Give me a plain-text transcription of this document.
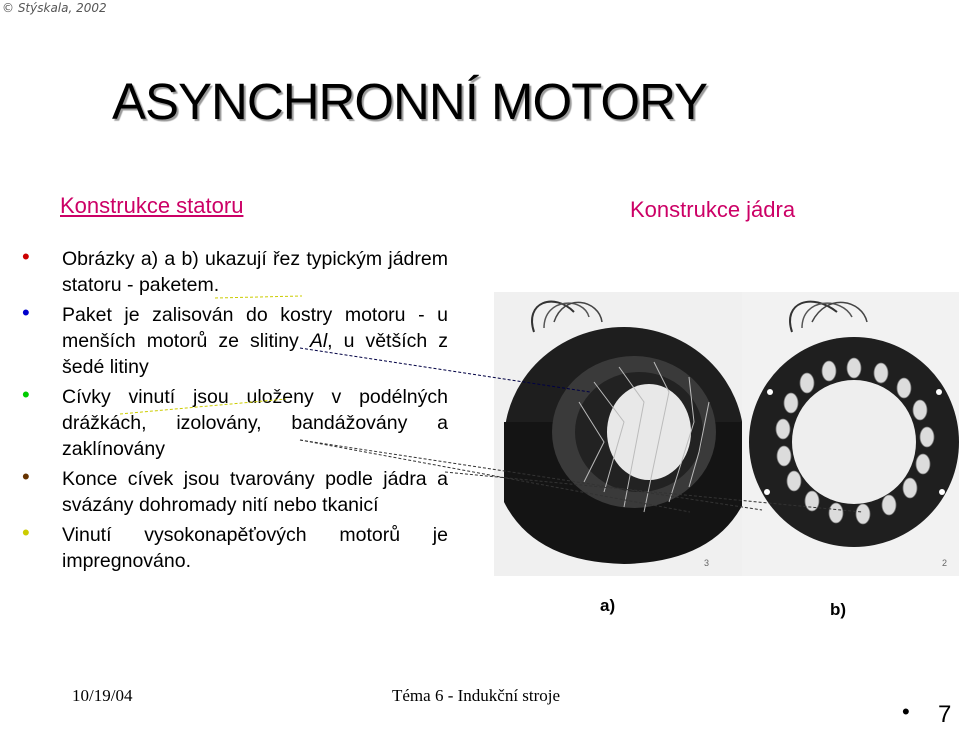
© Stýskala, 2002
ASYNCHRONNÍ MOTORY
Konstrukce statoru	Konstrukce jádra
• Obrázky a) a b) ukazují řez typickým jádrem statoru - paketem.
• Paket je zalisován do kostry motoru - u menších motorů ze slitiny Al, u větších z šedé litiny
• Cívky vinutí jsou uloženy v podélných drážkách, izolovány, bandážovány a zaklínovány
• Konce cívek jsou tvarovány podle jádra a svázány dohromady nití nebo tkanicí
• Vinutí vysokonapěťových motorů je impregnováno.	3	2
a)	b)
10/19/04	Téma 6 - Indukční stroje
• 7
